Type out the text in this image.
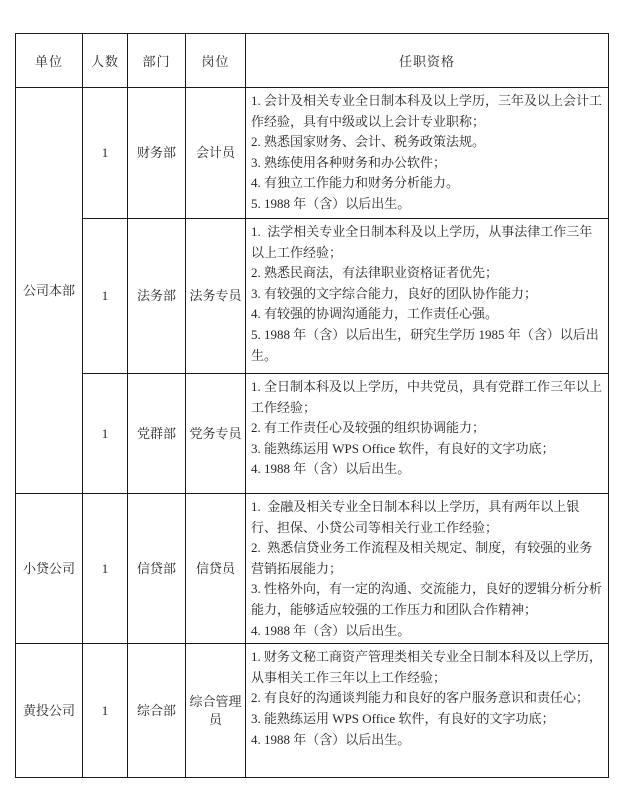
单位	人数	部门	岗位	任职资格
公司本部	1	财务部	会计员	1. 会计及相关专业全日制本科及以上学历，三年及以上会计工作经验，具有中级或以上会计专业职称；
2. 熟悉国家财务、会计、税务政策法规。
3. 熟练使用各种财务和办公软件；
4. 有独立工作能力和财务分析能力。
5. 1988 年（含）以后出生。

	1	法务部	法务专员	1.  法学相关专业全日制本科及以上学历，从事法律工作三年以上工作经验；
2. 熟悉民商法，有法律职业资格证者优先；
3. 有较强的文字综合能力，良好的团队协作能力；
4. 有较强的协调沟通能力，工作责任心强。
5. 1988 年（含）以后出生，研究生学历 1985 年（含）以后出生。

	1	党群部	党务专员	1. 全日制本科及以上学历，中共党员，具有党群工作三年以上工作经验；
2. 有工作责任心及较强的组织协调能力；
3. 能熟练运用 WPS Office 软件，有良好的文字功底；
4. 1988 年（含）以后出生。

小贷公司	1	信贷部	信贷员	1.  金融及相关专业全日制本科以上学历，具有两年以上银行、担保、小贷公司等相关行业工作经验；
2.  熟悉信贷业务工作流程及相关规定、制度，有较强的业务营销拓展能力；
3. 性格外向，有一定的沟通、交流能力，良好的逻辑分析分析能力，能够适应较强的工作压力和团队合作精神；
4. 1988 年（含）以后出生。

黄投公司	1	综合部	综合管理员	1. 财务文秘工商资产管理类相关专业全日制本科及以上学历，从事相关工作三年以上工作经验；
2. 有良好的沟通谈判能力和良好的客户服务意识和责任心；
3. 能熟练运用 WPS Office 软件，有良好的文字功底；
4. 1988 年（含）以后出生。
